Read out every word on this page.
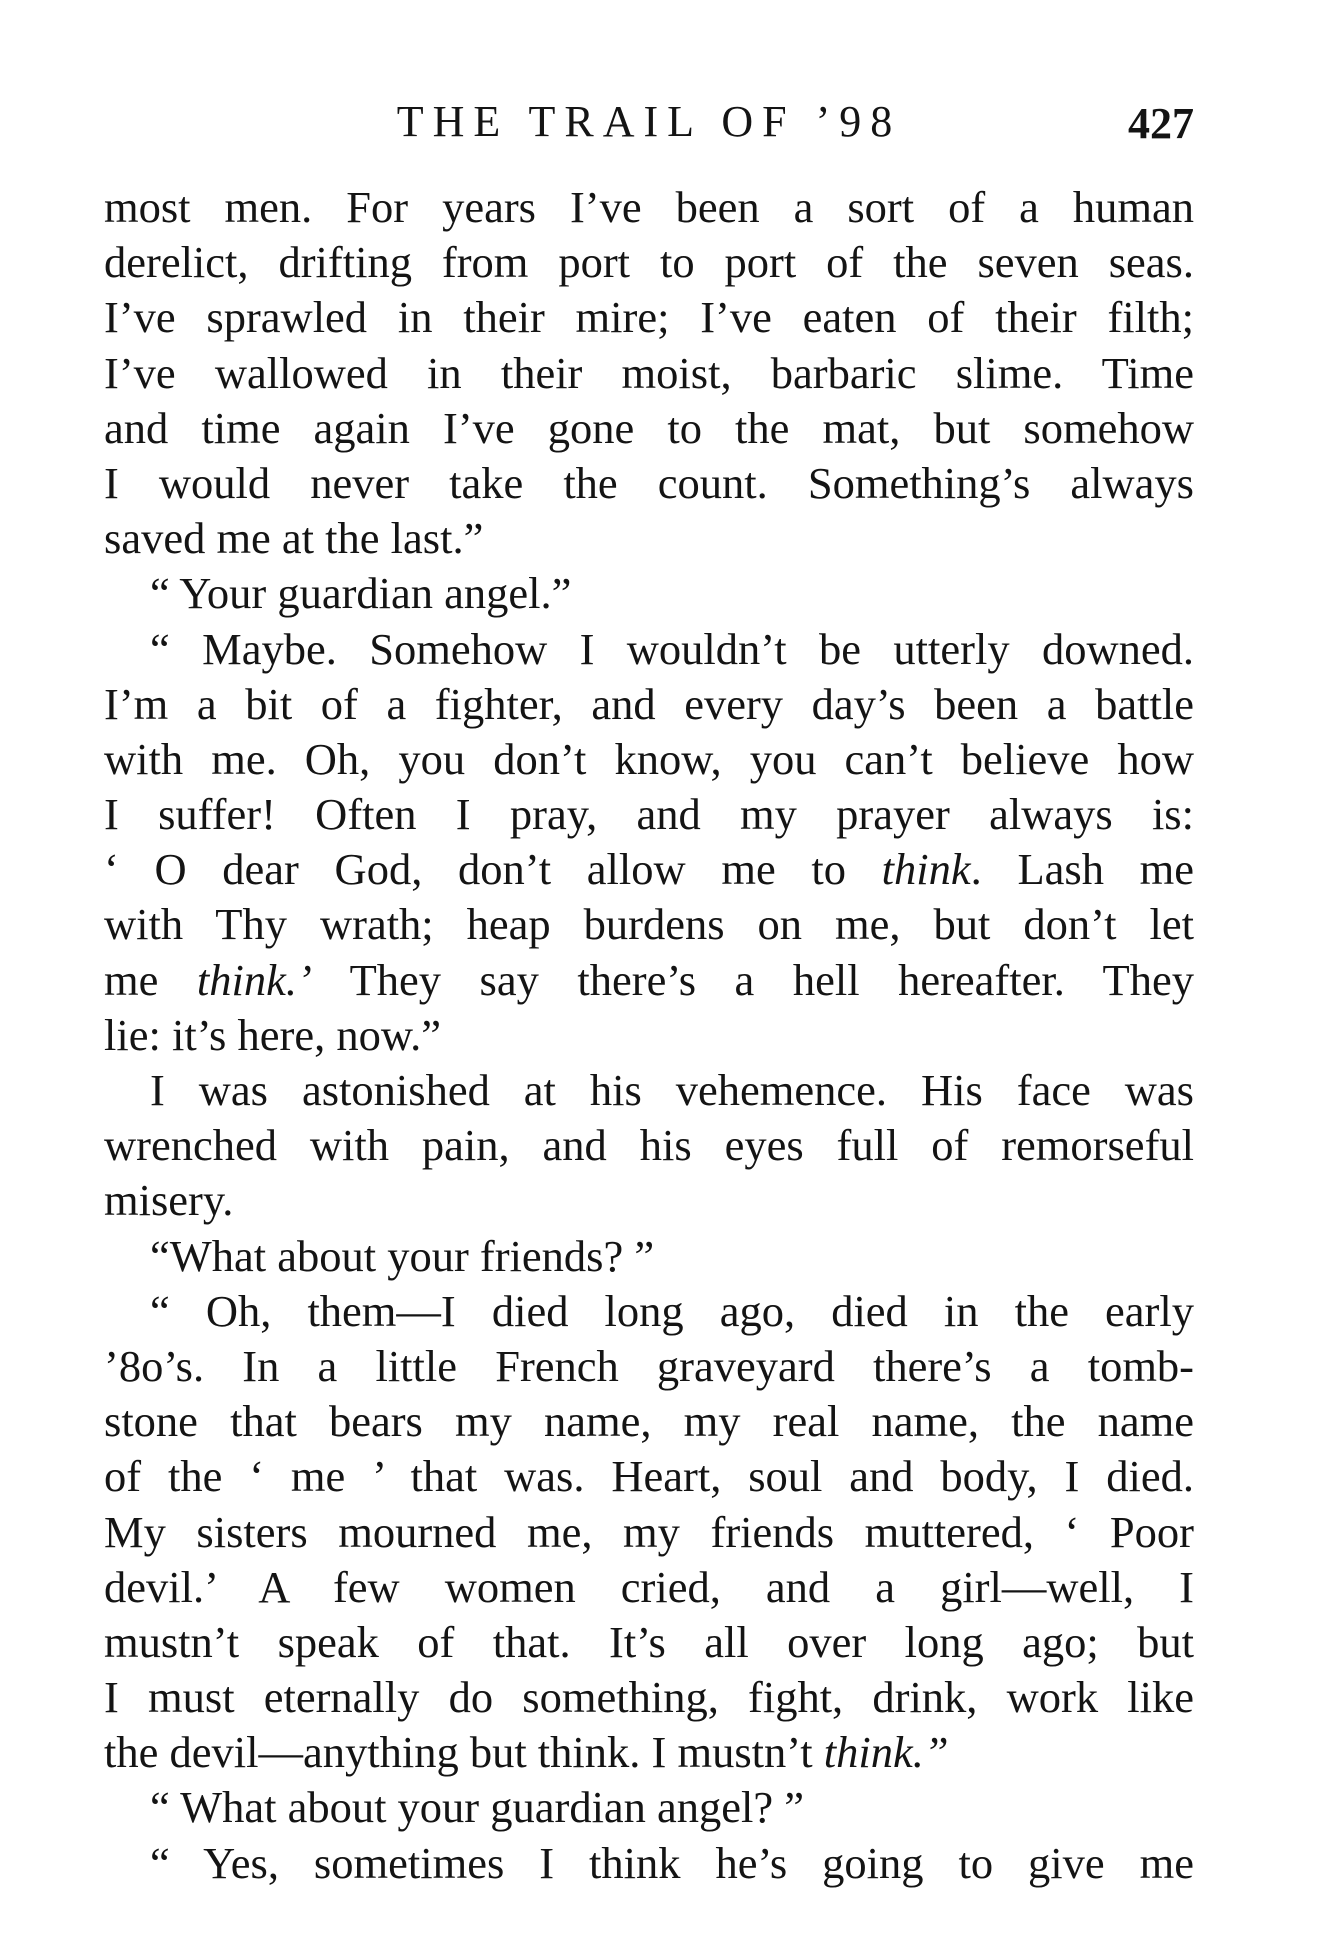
THE TRAIL OF ’98	427
most men. For years I’ve been a sort of a human
derelict, drifting from port to port of the seven seas.
I’ve sprawled in their mire; I’ve eaten of their filth;
I’ve wallowed in their moist, barbaric slime. Time
and time again I’ve gone to the mat, but somehow
I would never take the count. Something’s always
saved me at the last.”
“ Your guardian angel.”
“ Maybe. Somehow I wouldn’t be utterly downed.
I’m a bit of a fighter, and every day’s been a battle
with me. Oh, you don’t know, you can’t believe how
I suffer! Often I pray, and my prayer always is:
‘ O dear God, don’t allow me to think. Lash me
with Thy wrath; heap burdens on me, but don’t let
me think.’ They say there’s a hell hereafter. They
lie: it’s here, now.”
I was astonished at his vehemence. His face was
wrenched with pain, and his eyes full of remorseful
misery.
“What about your friends? ”
“ Oh, them—I died long ago, died in the early
’8o’s. In a little French graveyard there’s a tomb-
stone that bears my name, my real name, the name
of the ‘ me ’ that was. Heart, soul and body, I died.
My sisters mourned me, my friends muttered, ‘ Poor
devil.’ A few women cried, and a girl—well, I
mustn’t speak of that. It’s all over long ago; but
I must eternally do something, fight, drink, work like
the devil—anything but think. I mustn’t think.”
“ What about your guardian angel? ”
“ Yes, sometimes I think he’s going to give me
